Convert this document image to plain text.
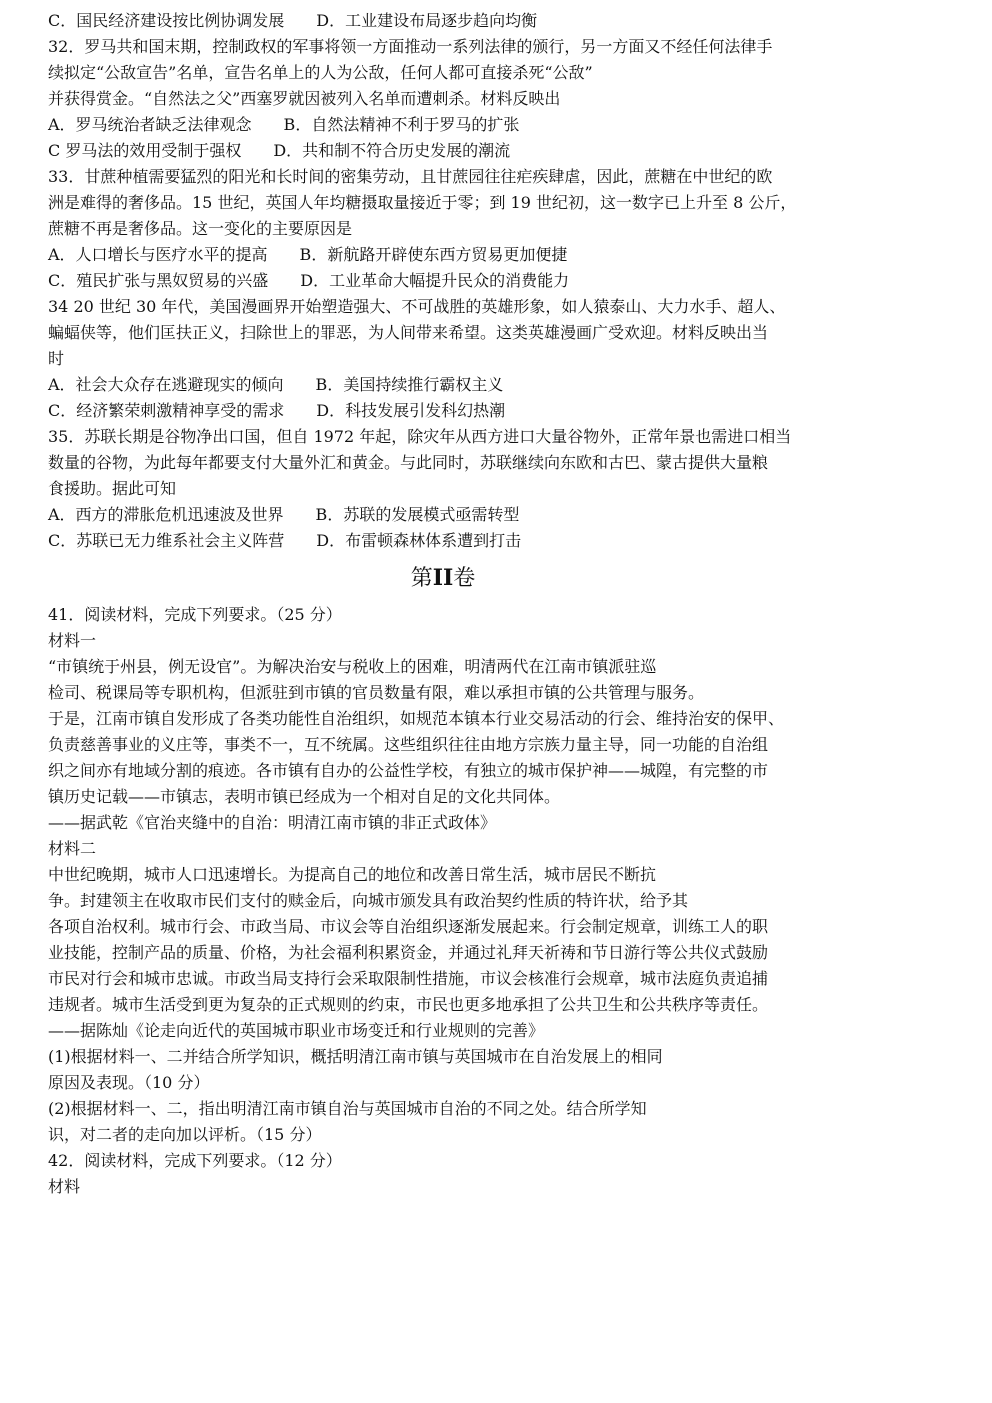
C．国民经济建设按比例协调发展　　D．工业建设布局逐步趋向均衡
32．罗马共和国末期，控制政权的军事将领一方面推动一系列法律的颁行，另一方面又不经任何法律手
续拟定“公敌宣告”名单，宣告名单上的人为公敌，任何人都可直接杀死“公敌”
并获得赏金。“自然法之父”西塞罗就因被列入名单而遭刺杀。材料反映出
A．罗马统治者缺乏法律观念　　B．自然法精神不利于罗马的扩张
C 罗马法的效用受制于强权　　D．共和制不符合历史发展的潮流
33．甘蔗种植需要猛烈的阳光和长时间的密集劳动，且甘蔗园往往疟疾肆虐，因此，蔗糖在中世纪的欧
洲是难得的奢侈品。15 世纪，英国人年均糖摄取量接近于零；到 19 世纪初，这一数字已上升至 8 公斤，
蔗糖不再是奢侈品。这一变化的主要原因是
A．人口增长与医疗水平的提高　　B．新航路开辟使东西方贸易更加便捷
C．殖民扩张与黑奴贸易的兴盛　　D．工业革命大幅提升民众的消费能力
34 20 世纪 30 年代，美国漫画界开始塑造强大、不可战胜的英雄形象，如人猿泰山、大力水手、超人、
蝙蝠侠等，他们匡扶正义，扫除世上的罪恶，为人间带来希望。这类英雄漫画广受欢迎。材料反映出当
时
A．社会大众存在逃避现实的倾向　　B．美国持续推行霸权主义
C．经济繁荣刺激精神享受的需求　　D．科技发展引发科幻热潮
35．苏联长期是谷物净出口国，但自 1972 年起，除灾年从西方进口大量谷物外，正常年景也需进口相当
数量的谷物，为此每年都要支付大量外汇和黄金。与此同时，苏联继续向东欧和古巴、蒙古提供大量粮
食援助。据此可知
A．西方的滞胀危机迅速波及世界　　B．苏联的发展模式亟需转型
C．苏联已无力维系社会主义阵营　　D．布雷顿森林体系遭到打击
第II卷
41．阅读材料，完成下列要求。（25 分）
材料一
“市镇统于州县，例无设官”。为解决治安与税收上的困难，明清两代在江南市镇派驻巡
检司、税课局等专职机构，但派驻到市镇的官员数量有限，难以承担市镇的公共管理与服务。
于是，江南市镇自发形成了各类功能性自治组织，如规范本镇本行业交易活动的行会、维持治安的保甲、
负责慈善事业的义庄等，事类不一，互不统属。这些组织往往由地方宗族力量主导，同一功能的自治组
织之间亦有地域分割的痕迹。各市镇有自办的公益性学校，有独立的城市保护神——城隍，有完整的市
镇历史记载——市镇志，表明市镇已经成为一个相对自足的文化共同体。
——据武乾《官治夹缝中的自治：明清江南市镇的非正式政体》
材料二
中世纪晚期，城市人口迅速增长。为提高自己的地位和改善日常生活，城市居民不断抗
争。封建领主在收取市民们支付的赎金后，向城市颁发具有政治契约性质的特许状，给予其
各项自治权利。城市行会、市政当局、市议会等自治组织逐渐发展起来。行会制定规章，训练工人的职
业技能，控制产品的质量、价格，为社会福利积累资金，并通过礼拜天祈祷和节日游行等公共仪式鼓励
市民对行会和城市忠诚。市政当局支持行会采取限制性措施，市议会核准行会规章，城市法庭负责追捕
违规者。城市生活受到更为复杂的正式规则的约束，市民也更多地承担了公共卫生和公共秩序等责任。
——据陈灿《论走向近代的英国城市职业市场变迁和行业规则的完善》
(1)根据材料一、二并结合所学知识，概括明清江南市镇与英国城市在自治发展上的相同
原因及表现。（10 分）
(2)根据材料一、二，指出明清江南市镇自治与英国城市自治的不同之处。结合所学知
识，对二者的走向加以评析。（15 分）
42．阅读材料，完成下列要求。（12 分）
材料
